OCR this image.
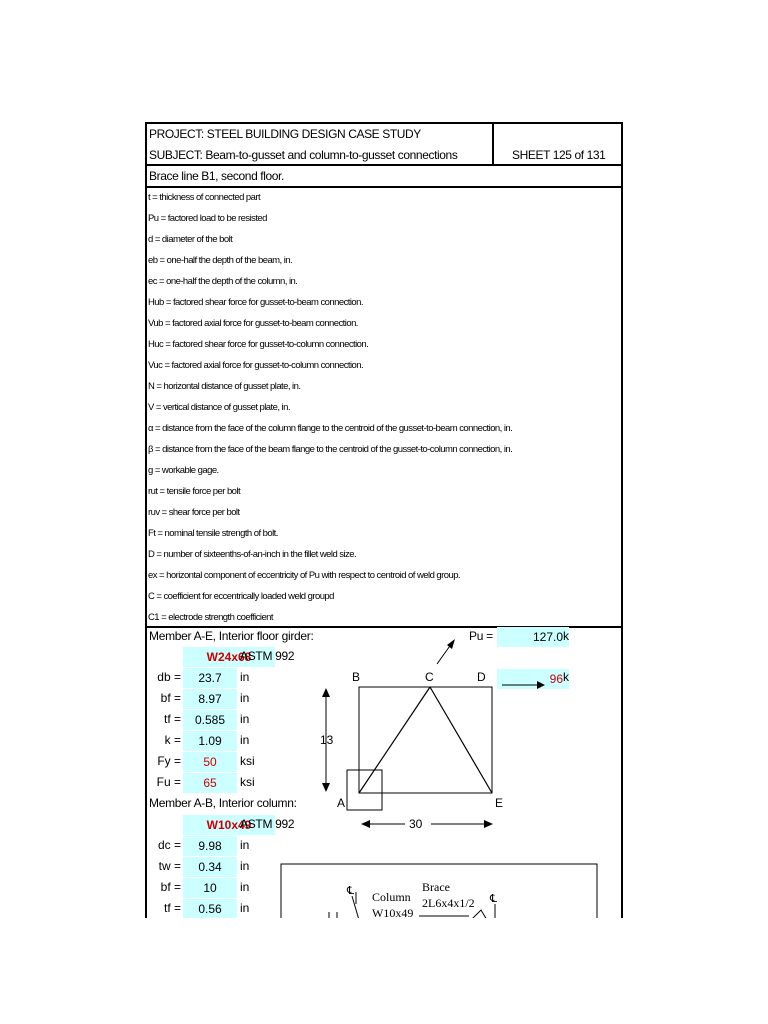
PROJECT: STEEL BUILDING DESIGN CASE STUDY
SUBJECT: Beam-to-gusset and column-to-gusset connections	SHEET 125 of 131
Brace line B1, second floor.
t = thickness of connected part
Pu = factored load to be resisted
d = diameter of the bolt
eb = one-half the depth of the beam, in.
ec = one-half the depth of the column, in.
Hub = factored shear force for gusset-to-beam connection.
Vub = factored axial force for gusset-to-beam connection.
Huc = factored shear force for gusset-to-column connection.
Vuc = factored axial force for gusset-to-column connection.
N = horizontal distance of gusset plate, in.
V = vertical distance of gusset plate, in.
α = distance from the face of the column flange to the centroid of the gusset-to-beam connection, in.
β = distance from the face of the beam flange to the centroid of the gusset-to-column connection, in.
g = workable gage.
rut = tensile force per bolt
ruv = shear force per bolt
Ft = nominal tensile strength of bolt.
D = number of sixteenths-of-an-inch in the fillet weld size.
ex = horizontal component of eccentricity of Pu with respect to centroid of weld group.
C = coefficient for eccentrically loaded weld groupd
C1 = electrode strength coefficient
Member A-E, Interior floor girder:
W24x68
ASTM 992
db =	23.7	in
bf =	8.97	in
tf =	0.585	in
k =	1.09	in
Fy =	50	ksi
Fu =	65	ksi
Member A-B, Interior column:
W10x49
ASTM 992
dc =	9.98	in
tw =	0.34	in
bf =	10	in
tf =	0.56	in
Pu =	127.0 k
96 k
B	C	D
A	E
13
30
Column
W10x49
Brace
2L6x4x1/2
℄
℄
